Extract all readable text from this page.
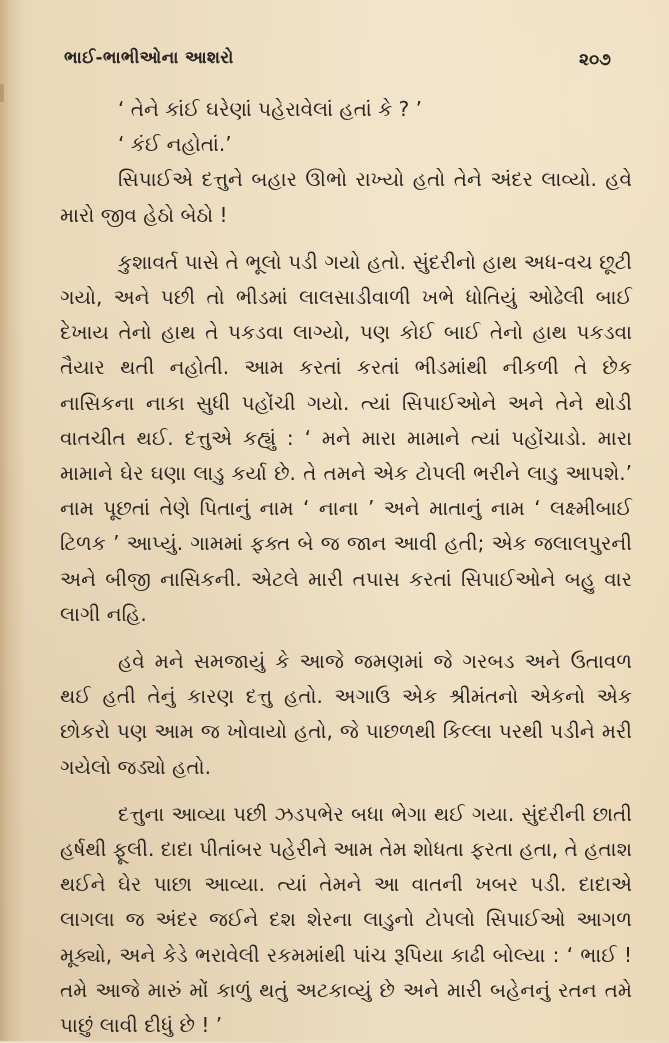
ભાઈ-ભાભીઓના આશરો	૨૦૭

‘ તેને કાંઈ ઘરેણાં પહેરાવેલાં હતાં કે ? ’

‘ કંઈ નહોતાં.’

સિપાઈએ દત્તુને બહાર ઊભો રાખ્યો હતો તેને અંદર લાવ્યો. હવે મારો જીવ હેઠો બેઠો !

કુશાવર્ત પાસે તે ભૂલો પડી ગયો હતો. સુંદરીનો હાથ અધ-વચ છૂટી ગયો, અને પછી તો ભીડમાં લાલસાડીવાળી ખભે ધોતિયું ઓઢેલી બાઈ દેખાય તેનો હાથ તે પકડવા લાગ્યો, પણ કોઈ બાઈ તેનો હાથ પકડવા તૈયાર થતી નહોતી. આમ કરતાં કરતાં ભીડમાંથી નીકળી તે છેક નાસિકના નાકા સુધી પહોંચી ગયો. ત્યાં સિપાઈઓને અને તેને થોડી વાતચીત થઈ. દત્તુએ કહ્યું : ‘ મને મારા મામાને ત્યાં પહોંચાડો. મારા મામાને ઘેર ઘણા લાડુ કર્યા છે. તે તમને એક ટોપલી ભરીને લાડુ આપશે.’ નામ પૂછતાં તેણે પિતાનું નામ ‘ નાના ’ અને માતાનું નામ ‘ લક્ષ્મીબાઈ ટિળક ’ આપ્યું. ગામમાં ફક્ત બે જ જાન આવી હતી; એક જલાલપુરની અને બીજી નાસિકની. એટલે મારી તપાસ કરતાં સિપાઈઓને બહુ વાર લાગી નહિ.

હવે મને સમજાયું કે આજે જમણમાં જે ગરબડ અને ઉતાવળ થઈ હતી તેનું કારણ દત્તુ હતો. અગાઉ એક શ્રીમંતનો એકનો એક છોકરો પણ આમ જ ખોવાયો હતો, જે પાછળથી કિલ્લા પરથી પડીને મરી ગયેલો જડ્યો હતો.

દત્તુના આવ્યા પછી ઝડપભેર બધા ભેગા થઈ ગયા. સુંદરીની છાતી હર્ષથી ફૂલી. દાદા પીતાંબર પહેરીને આમ તેમ શોધતા ફરતા હતા, તે હતાશ થઈને ઘેર પાછા આવ્યા. ત્યાં તેમને આ વાતની ખબર પડી. દાદાએ લાગલા જ અંદર જઈને દશ શેરના લાડુનો ટોપલો સિપાઈઓ આગળ મૂક્યો, અને કેડે ભરાવેલી રકમમાંથી પાંચ રૂપિયા કાઢી બોલ્યા : ‘ ભાઈ ! તમે આજે મારું મોં કાળું થતું અટકાવ્યું છે અને મારી બહેનનું રતન તમે પાછું લાવી દીધું છે ! ’
